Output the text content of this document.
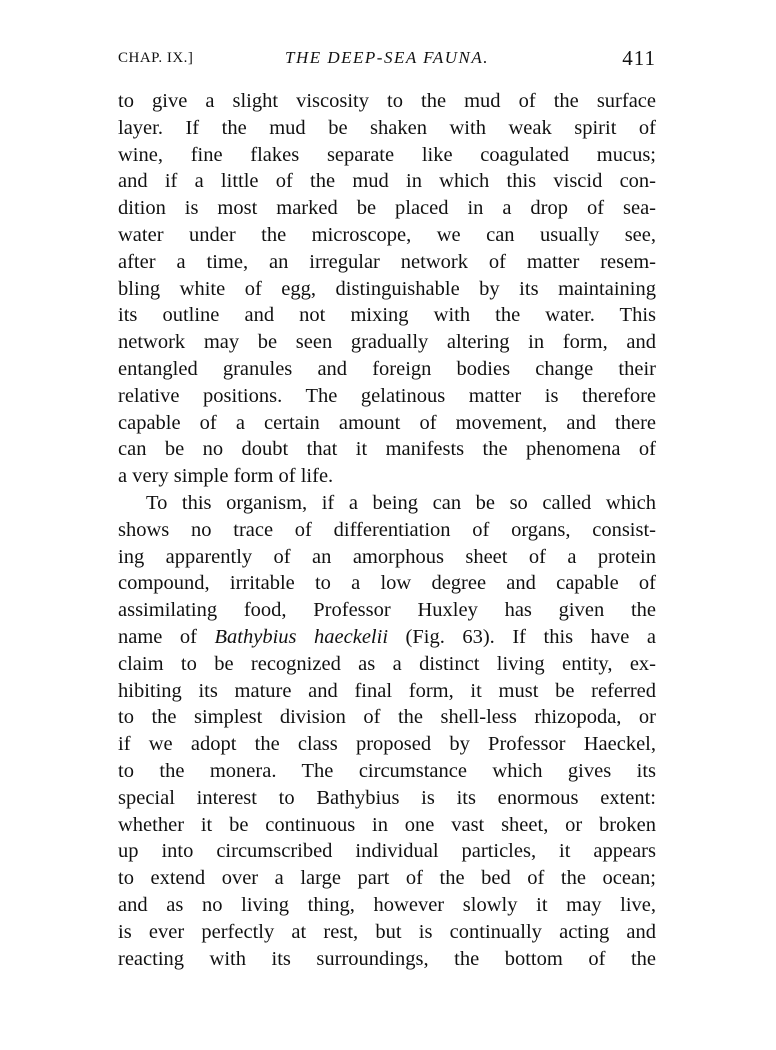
CHAP. IX.]	THE DEEP-SEA FAUNA.	411
to give a slight viscosity to the mud of the surface
layer. If the mud be shaken with weak spirit of
wine, fine flakes separate like coagulated mucus;
and if a little of the mud in which this viscid con-
dition is most marked be placed in a drop of sea-
water under the microscope, we can usually see,
after a time, an irregular network of matter resem-
bling white of egg, distinguishable by its maintaining
its outline and not mixing with the water. This
network may be seen gradually altering in form, and
entangled granules and foreign bodies change their
relative positions. The gelatinous matter is therefore
capable of a certain amount of movement, and there
can be no doubt that it manifests the phenomena of
a very simple form of life.
To this organism, if a being can be so called which
shows no trace of differentiation of organs, consist-
ing apparently of an amorphous sheet of a protein
compound, irritable to a low degree and capable of
assimilating food, Professor Huxley has given the
name of Bathybius haeckelii (Fig. 63). If this have a
claim to be recognized as a distinct living entity, ex-
hibiting its mature and final form, it must be referred
to the simplest division of the shell-less rhizopoda, or
if we adopt the class proposed by Professor Haeckel,
to the monera. The circumstance which gives its
special interest to Bathybius is its enormous extent:
whether it be continuous in one vast sheet, or broken
up into circumscribed individual particles, it appears
to extend over a large part of the bed of the ocean;
and as no living thing, however slowly it may live,
is ever perfectly at rest, but is continually acting and
reacting with its surroundings, the bottom of the
